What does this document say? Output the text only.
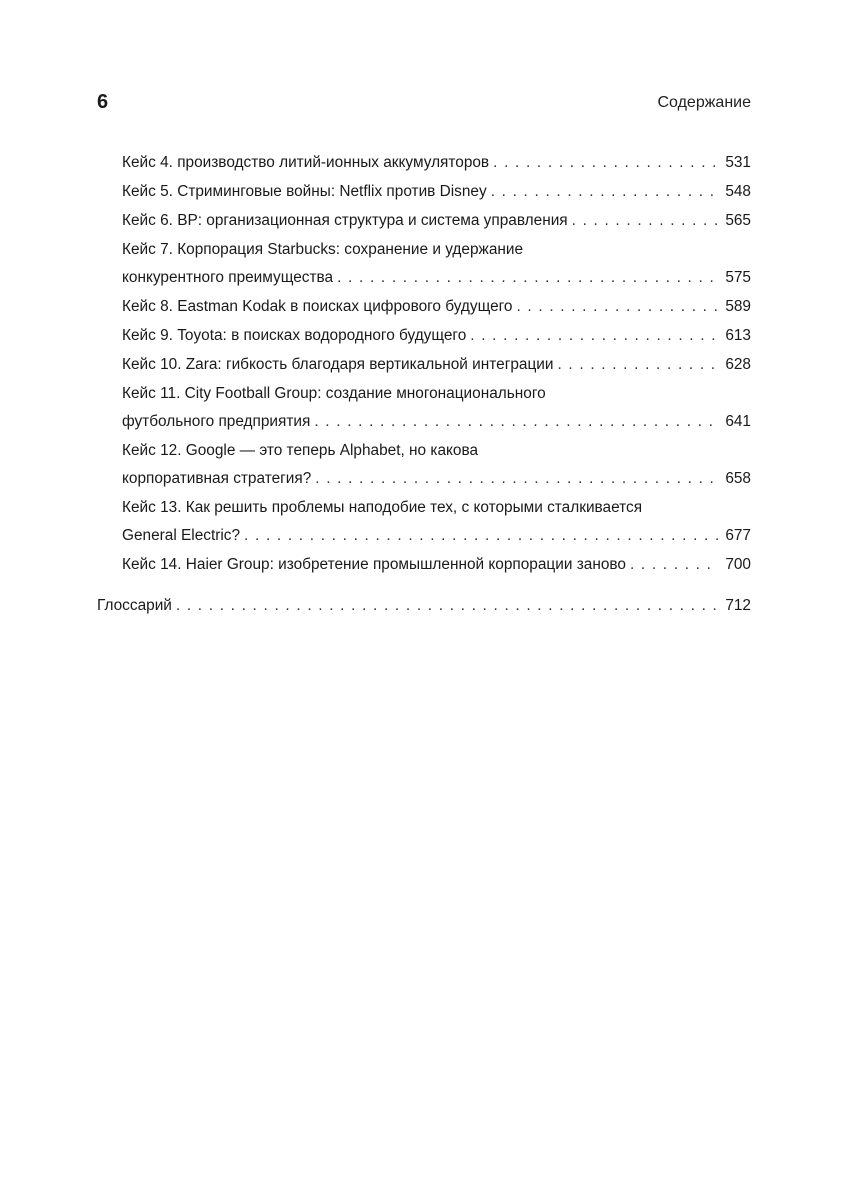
6	Содержание
Кейс 4. производство литий-ионных аккумуляторов . . .	531
Кейс 5. Стриминговые войны: Netflix против Disney . . .	548
Кейс 6. BP: организационная структура и система управления . . .	565
Кейс 7. Корпорация Starbucks: сохранение и удержание
конкурентного преимущества . . .	575
Кейс 8. Eastman Kodak в поисках цифрового будущего . . .	589
Кейс 9. Toyota: в поисках водородного будущего . . .	613
Кейс 10. Zara: гибкость благодаря вертикальной интеграции . . .	628
Кейс 11. City Football Group: создание многонационального
футбольного предприятия . . .	641
Кейс 12. Google — это теперь Alphabet, но какова
корпоративная стратегия? . . .	658
Кейс 13. Как решить проблемы наподобие тех, с которыми сталкивается
General Electric? . . .	677
Кейс 14. Haier Group: изобретение промышленной корпорации заново . . .	700
Глоссарий . . .	712
